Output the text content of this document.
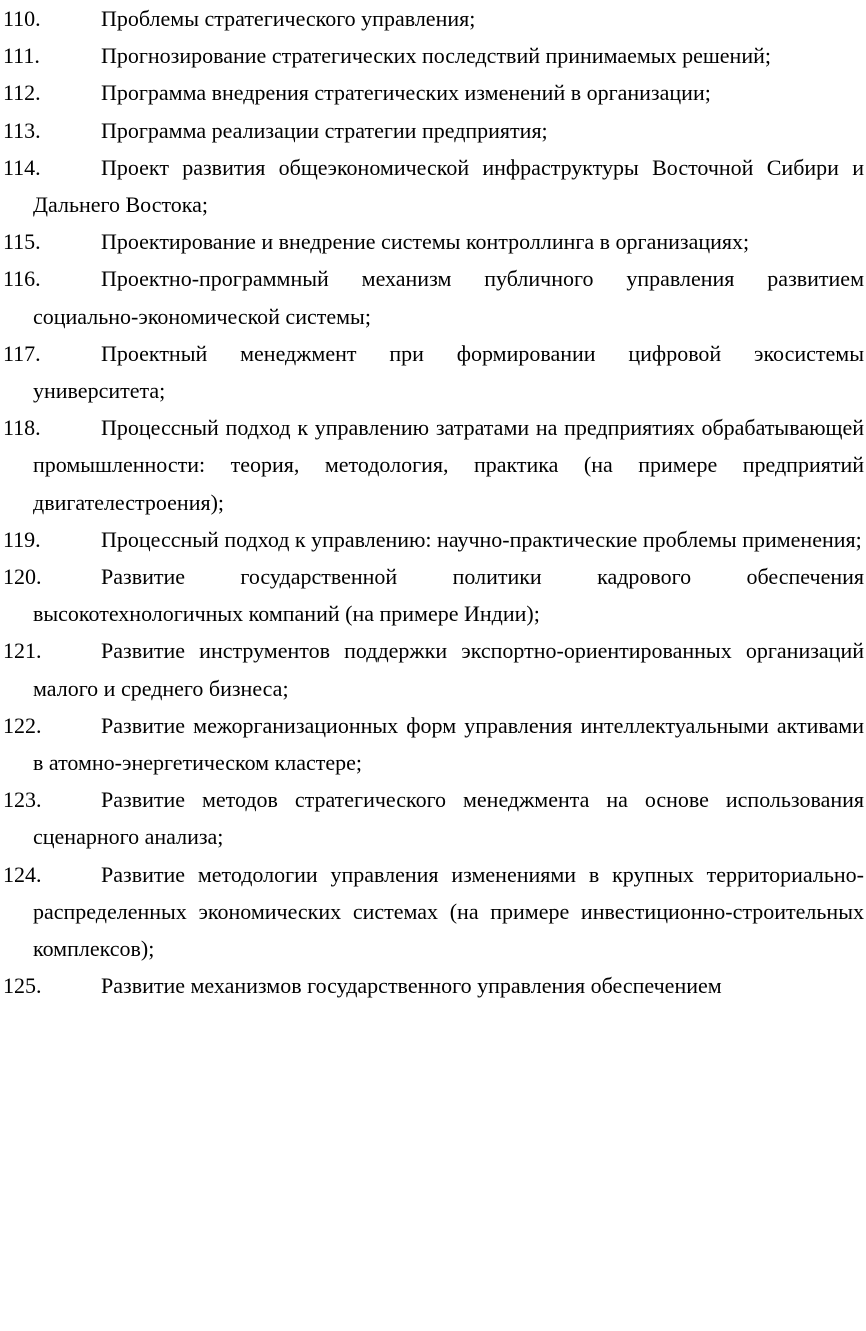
110.	Проблемы стратегического управления;
111.	Прогнозирование стратегических последствий принимаемых решений;
112.	Программа внедрения стратегических изменений в организации;
113.	Программа реализации стратегии предприятия;
114.	Проект развития общеэкономической инфраструктуры Восточной Сибири и Дальнего Востока;
115.	Проектирование и внедрение системы контроллинга в организациях;
116.	Проектно-программный механизм публичного управления развитием социально-экономической системы;
117.	Проектный менеджмент при формировании цифровой экосистемы университета;
118.	Процессный подход к управлению затратами на предприятиях обрабатывающей промышленности: теория, методология, практика (на примере предприятий двигателестроения);
119.	Процессный подход к управлению: научно-практические проблемы применения;
120.	Развитие государственной политики кадрового обеспечения высокотехнологичных компаний (на примере Индии);
121.	Развитие инструментов поддержки экспортно-ориентированных организаций малого и среднего бизнеса;
122.	Развитие межорганизационных форм управления интеллектуальными активами в атомно-энергетическом кластере;
123.	Развитие методов стратегического менеджмента на основе использования сценарного анализа;
124.	Развитие методологии управления изменениями в крупных территориально-распределенных экономических системах (на примере инвестиционно-строительных комплексов);
125.	Развитие механизмов государственного управления обеспечением
